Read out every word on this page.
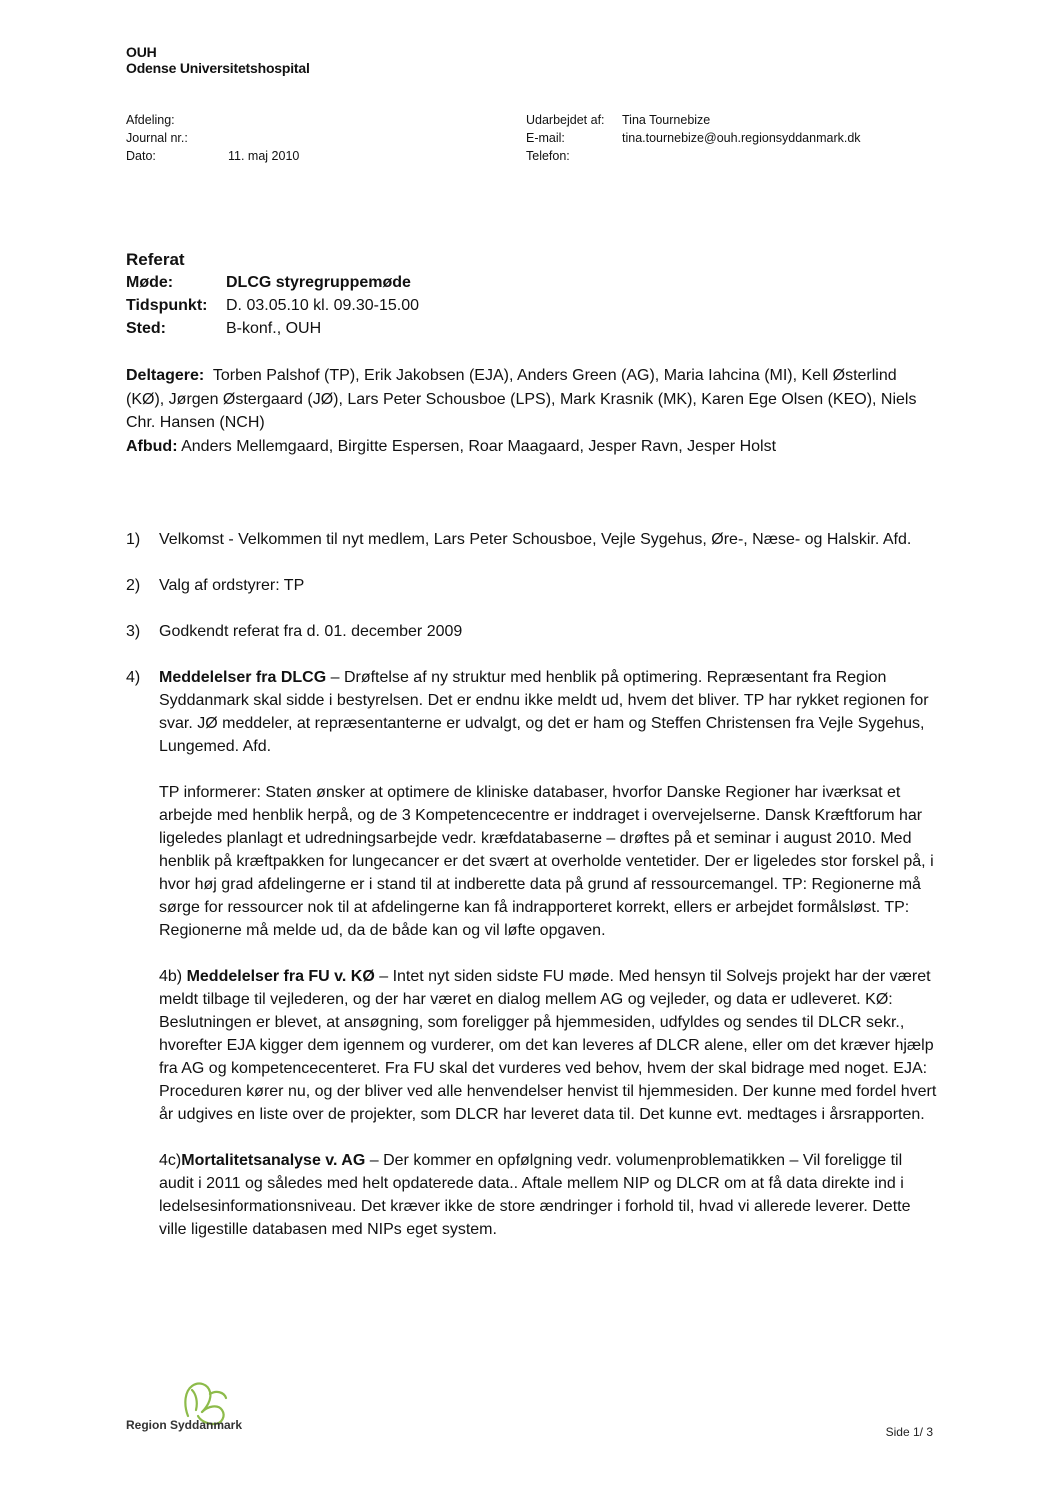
OUH
Odense Universitetshospital
Afdeling:
Journal nr.:
Dato:	11. maj 2010
Udarbejdet af:	Tina Tournebize
E-mail:	tina.tournebize@ouh.regionsyddanmark.dk
Telefon:
Referat
Møde:	DLCG styregruppemøde
Tidspunkt:	D. 03.05.10 kl. 09.30-15.00
Sted:	B-konf., OUH

Deltagere: Torben Palshof (TP), Erik Jakobsen (EJA), Anders Green (AG), Maria Iahcina (MI), Kell Østerlind (KØ), Jørgen Østergaard (JØ), Lars Peter Schousboe (LPS), Mark Krasnik (MK), Karen Ege Olsen (KEO), Niels Chr. Hansen (NCH)

Afbud: Anders Mellemgaard, Birgitte Espersen, Roar Maagaard, Jesper Ravn, Jesper Holst

1)	Velkomst - Velkommen til nyt medlem, Lars Peter Schousboe, Vejle Sygehus, Øre-, Næse- og Halskir. Afd.
2)	Valg af ordstyrer: TP
3)	Godkendt referat fra d. 01. december 2009
4)	Meddelelser fra DLCG – Drøftelse af ny struktur med henblik på optimering. Repræsentant fra Region Syddanmark skal sidde i bestyrelsen. Det er endnu ikke meldt ud, hvem det bliver. TP har rykket regionen for svar. JØ meddeler, at repræsentanterne er udvalgt, og det er ham og Steffen Christensen fra Vejle Sygehus, Lungemed. Afd.

TP informerer: Staten ønsker at optimere de kliniske databaser, hvorfor Danske Regioner har iværksat et arbejde med henblik herpå, og de 3 Kompetencecentre er inddraget i overvejelserne. Dansk Kræftforum har ligeledes planlagt et udredningsarbejde vedr. kræfdatabaserne – drøftes på et seminar i august 2010. Med henblik på kræftpakken for lungecancer er det svært at overholde ventetider. Der er ligeledes stor forskel på, i hvor høj grad afdelingerne er i stand til at indberette data på grund af ressourcemangel. TP: Regionerne må sørge for ressourcer nok til at afdelingerne kan få indrapporteret korrekt, ellers er arbejdet formålsløst. TP: Regionerne må melde ud, da de både kan og vil løfte opgaven.

4b) Meddelelser fra FU v. KØ – Intet nyt siden sidste FU møde. Med hensyn til Solvejs projekt har der været meldt tilbage til vejlederen, og der har været en dialog mellem AG og vejleder, og data er udleveret. KØ: Beslutningen er blevet, at ansøgning, som foreligger på hjemmesiden, udfyldes og sendes til DLCR sekr., hvorefter EJA kigger dem igennem og vurderer, om det kan leveres af DLCR alene, eller om det kræver hjælp fra AG og kompetencecenteret. Fra FU skal det vurderes ved behov, hvem der skal bidrage med noget. EJA: Proceduren kører nu, og der bliver ved alle henvendelser henvist til hjemmesiden. Der kunne med fordel hvert år udgives en liste over de projekter, som DLCR har leveret data til. Det kunne evt. medtages i årsrapporten.

4c)Mortalitetsanalyse v. AG – Der kommer en opfølgning vedr. volumenproblematikken – Vil foreligge til audit i 2011 og således med helt opdaterede data.. Aftale mellem NIP og DLCR om at få data direkte ind i ledelsesinformationsniveau. Det kræver ikke de store ændringer i forhold til, hvad vi allerede leverer. Dette ville ligestille databasen med NIPs eget system.

Region Syddanmark	Side 1/ 3
